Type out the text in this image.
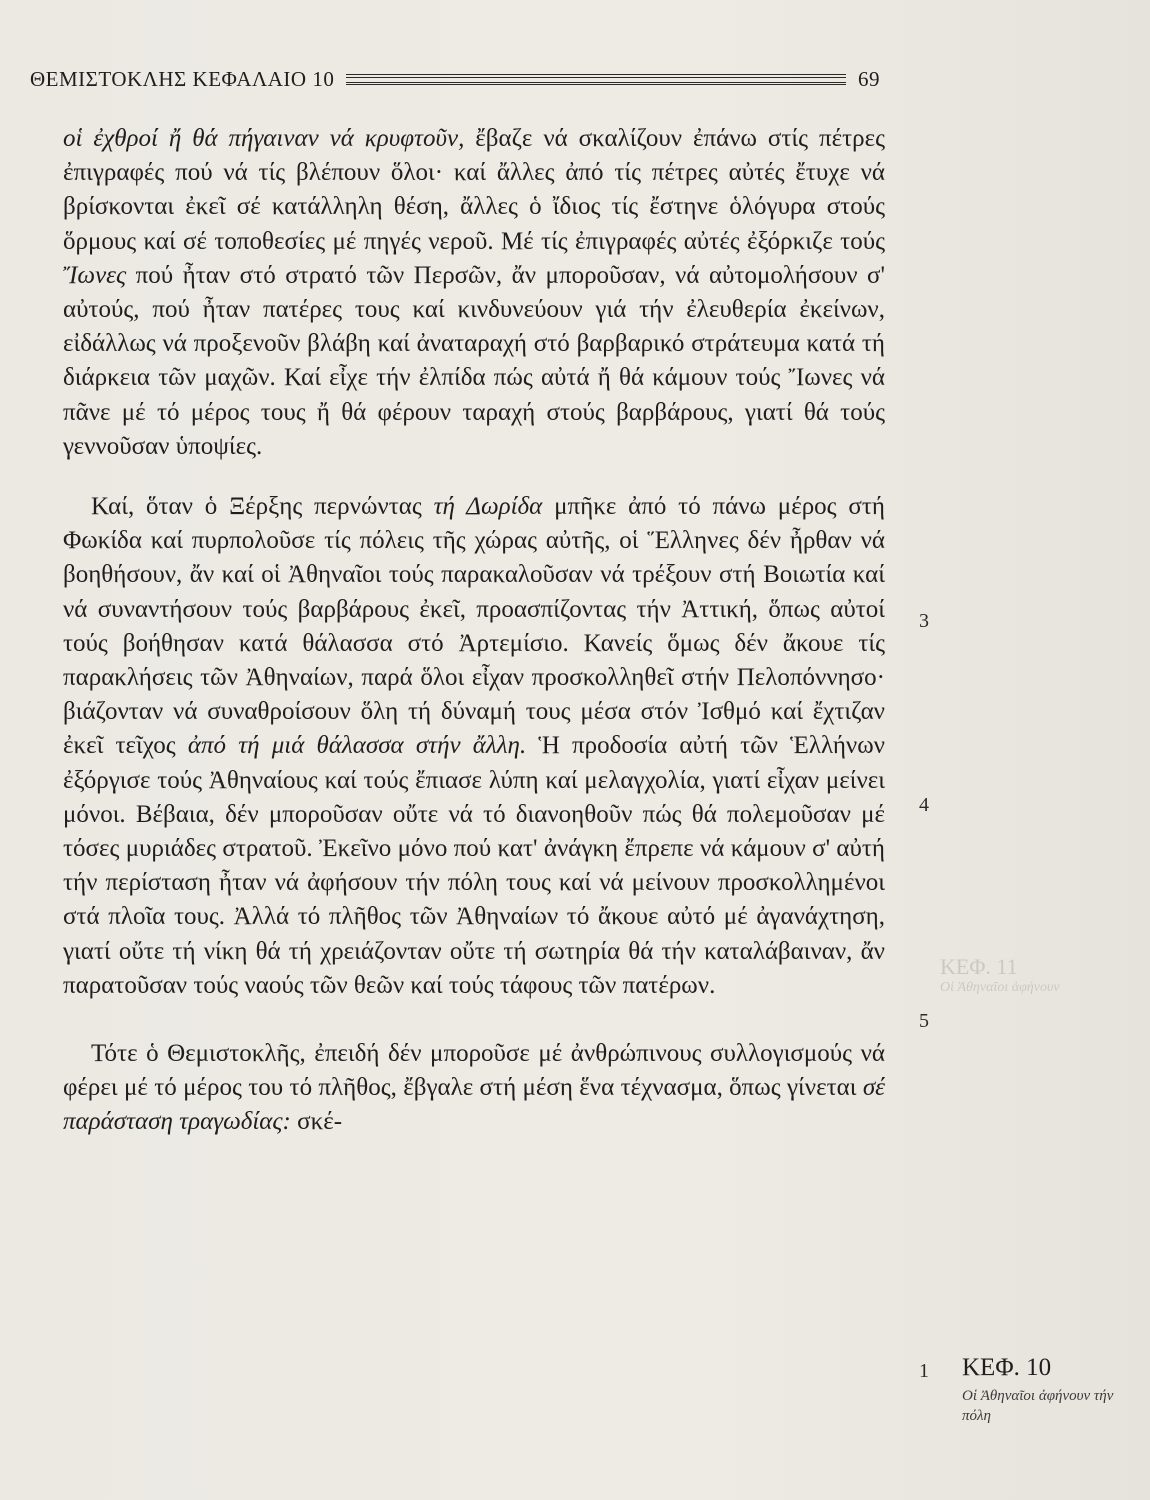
ΘΕΜΙΣΤΟΚΛΗΣ ΚΕΦΑΛΑΙΟ 10	69

οἱ ἐχθροί ἤ θά πήγαιναν νά κρυφτοῦν, ἔβαζε νά σκαλίζουν ἐπάνω στίς πέτρες ἐπιγραφές πού νά τίς βλέπουν ὅλοι· καί ἄλλες ἀπό τίς πέτρες αὐτές ἔτυχε νά βρίσκονται ἐκεῖ σέ κατάλληλη θέση, ἄλλες ὁ ἴδιος τίς ἔστηνε ὁλόγυρα στούς ὅρμους καί σέ τοποθεσίες μέ πηγές νεροῦ. Μέ τίς ἐπιγραφές αὐτές ἐξόρκιζε τούς Ἴωνες πού ἦταν στό στρατό τῶν Περσῶν, ἄν μποροῦσαν, νά αὐτομολήσουν σ' αὐτούς, πού ἦταν πατέρες τους καί κινδυνεύουν γιά τήν ἐλευθερία ἐκείνων, εἰδάλλως νά προξενοῦν βλάβη καί ἀναταραχή στό βαρβαρικό στράτευμα κατά τή διάρκεια τῶν μαχῶν. Καί εἶχε τήν ἐλπίδα πώς αὐτά ἤ θά κάμουν τούς Ἴωνες νά πᾶνε μέ τό μέρος τους ἤ θά φέρουν ταραχή στούς βαρβάρους, γιατί θά τούς γεννοῦσαν ὑποψίες.

Καί, ὅταν ὁ Ξέρξης περνώντας τή Δωρίδα μπῆκε ἀπό τό πάνω μέρος στή Φωκίδα καί πυρπολοῦσε τίς πόλεις τῆς χώρας αὐτῆς, οἱ Ἕλληνες δέν ἦρθαν νά βοηθήσουν, ἄν καί οἱ Ἀθηναῖοι τούς παρακαλοῦσαν νά τρέξουν στή Βοιωτία καί νά συναντήσουν τούς βαρβάρους ἐκεῖ, προασπίζοντας τήν Ἀττική, ὅπως αὐτοί τούς βοήθησαν κατά θάλασσα στό Ἀρτεμίσιο. Κανείς ὅμως δέν ἄκουε τίς παρακλήσεις τῶν Ἀθηναίων, παρά ὅλοι εἶχαν προσκολληθεῖ στήν Πελοπόννησο· βιάζονταν νά συναθροίσουν ὅλη τή δύναμή τους μέσα στόν Ἰσθμό καί ἔχτιζαν ἐκεῖ τεῖχος ἀπό τή μιά θάλασσα στήν ἄλλη. Ἡ προδοσία αὐτή τῶν Ἑλλήνων ἐξόργισε τούς Ἀθηναίους καί τούς ἔπιασε λύπη καί μελαγχολία, γιατί εἶχαν μείνει μόνοι. Βέβαια, δέν μποροῦσαν οὔτε νά τό διανοηθοῦν πώς θά πολεμοῦσαν μέ τόσες μυριάδες στρατοῦ. Ἐκεῖνο μόνο πού κατ' ἀνάγκη ἔπρεπε νά κάμουν σ' αὐτή τήν περίσταση ἦταν νά ἀφήσουν τήν πόλη τους καί νά μείνουν προσκολλημένοι στά πλοῖα τους. Ἀλλά τό πλῆθος τῶν Ἀθηναίων τό ἄκουε αὐτό μέ ἀγανάχτηση, γιατί οὔτε τή νίκη θά τή χρειάζονταν οὔτε τή σωτηρία θά τήν καταλάβαιναν, ἄν παρατοῦσαν τούς ναούς τῶν θεῶν καί τούς τάφους τῶν πατέρων.

Τότε ὁ Θεμιστοκλῆς, ἐπειδή δέν μποροῦσε μέ ἀνθρώπινους συλλογισμούς νά φέρει μέ τό μέρος του τό πλῆθος, ἔβγαλε στή μέση ἕνα τέχνασμα, ὅπως γίνεται σέ παράσταση τραγωδίας: σκέ-

3
4
5
1
ΚΕΦ. 11
Οἱ Ἀθηναῖοι ἀφήνουν
ΚΕΦ. 10
Οἱ Ἀθηναῖοι ἀφήνουν τήν πόλη
